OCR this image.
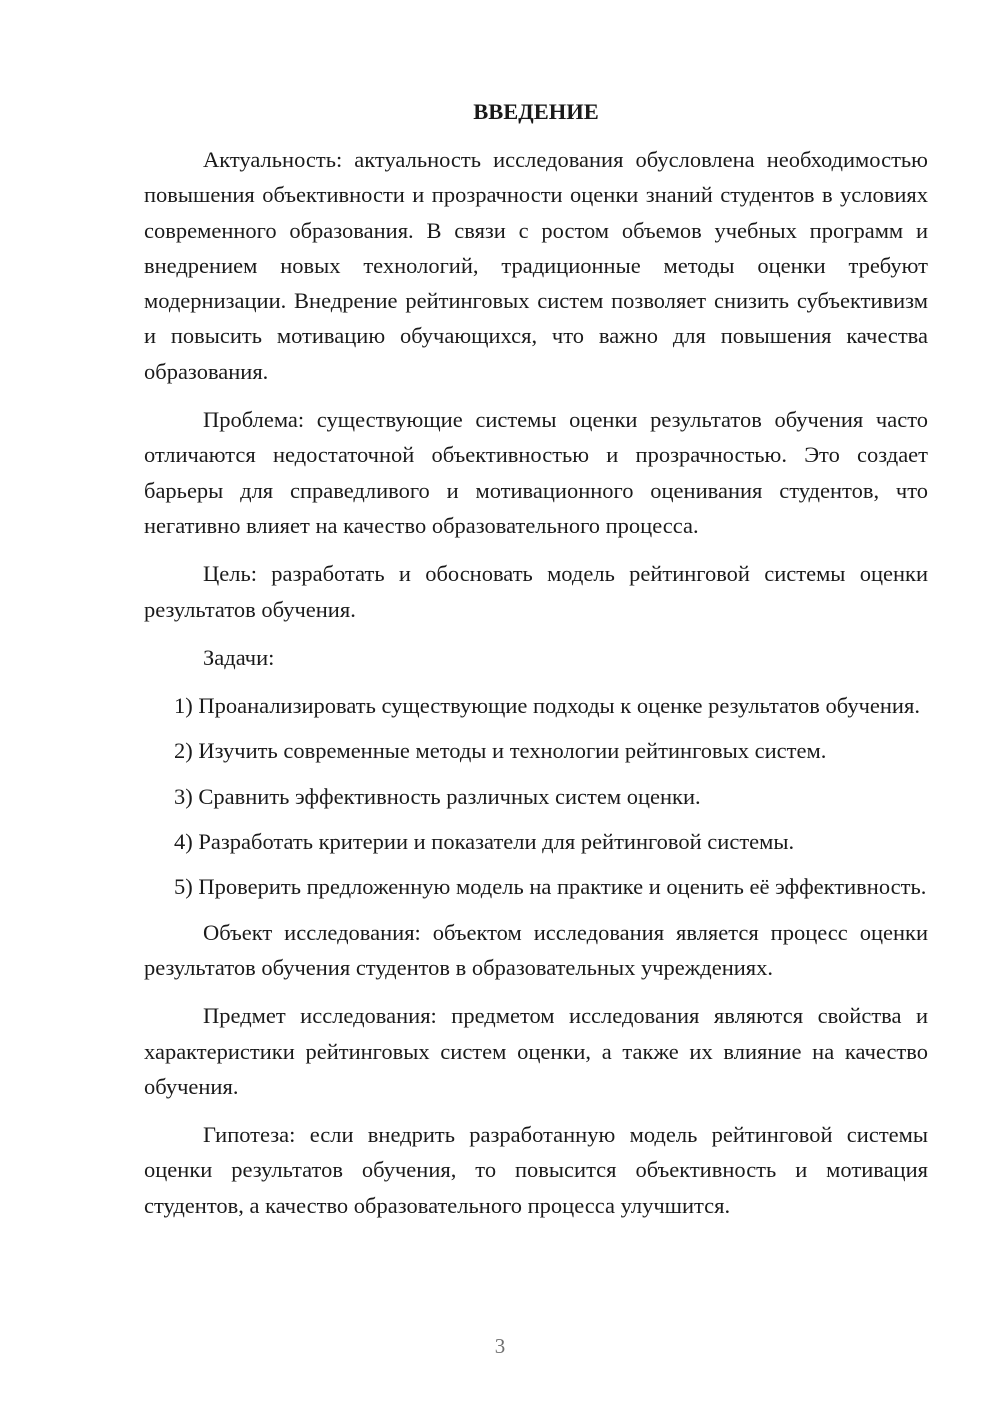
ВВЕДЕНИЕ

Актуальность: актуальность исследования обусловлена необходимостью повышения объективности и прозрачности оценки знаний студентов в условиях современного образования. В связи с ростом объемов учебных программ и внедрением новых технологий, традиционные методы оценки требуют модернизации. Внедрение рейтинговых систем позволяет снизить субъективизм и повысить мотивацию обучающихся, что важно для повышения качества образования.

Проблема: существующие системы оценки результатов обучения часто отличаются недостаточной объективностью и прозрачностью. Это создает барьеры для справедливого и мотивационного оценивания студентов, что негативно влияет на качество образовательного процесса.

Цель: разработать и обосновать модель рейтинговой системы оценки результатов обучения.

Задачи:

1) Проанализировать существующие подходы к оценке результатов обучения.

2) Изучить современные методы и технологии рейтинговых систем.

3) Сравнить эффективность различных систем оценки.

4) Разработать критерии и показатели для рейтинговой системы.

5) Проверить предложенную модель на практике и оценить её эффективность.

Объект исследования: объектом исследования является процесс оценки результатов обучения студентов в образовательных учреждениях.

Предмет исследования: предметом исследования являются свойства и характеристики рейтинговых систем оценки, а также их влияние на качество обучения.

Гипотеза: если внедрить разработанную модель рейтинговой системы оценки результатов обучения, то повысится объективность и мотивация студентов, а качество образовательного процесса улучшится.

3
